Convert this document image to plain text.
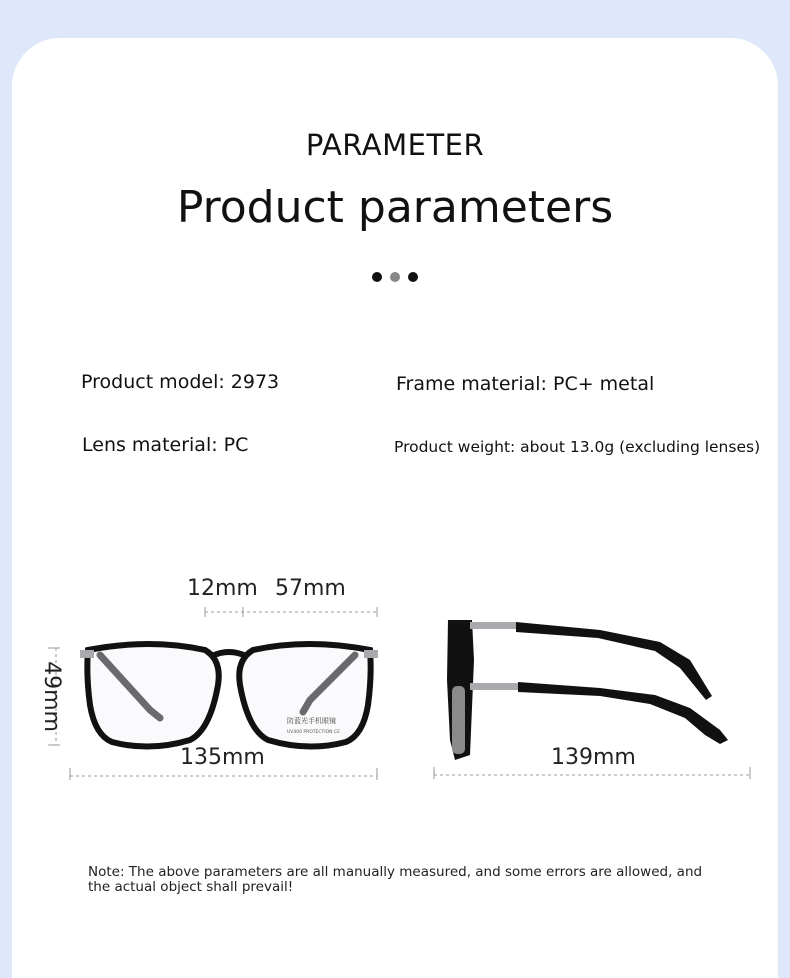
PARAMETER
Product parameters
Product model: 2973	Frame material: PC+ metal
Lens material: PC	Product weight: about 13.0g (excluding lenses)
防蓝光手机眼镜
UV400 PROTECTION CE
12mm 57mm
49mm
135mm	139mm
Note: The above parameters are all manually measured, and some errors are allowed, and the actual object shall prevail!
